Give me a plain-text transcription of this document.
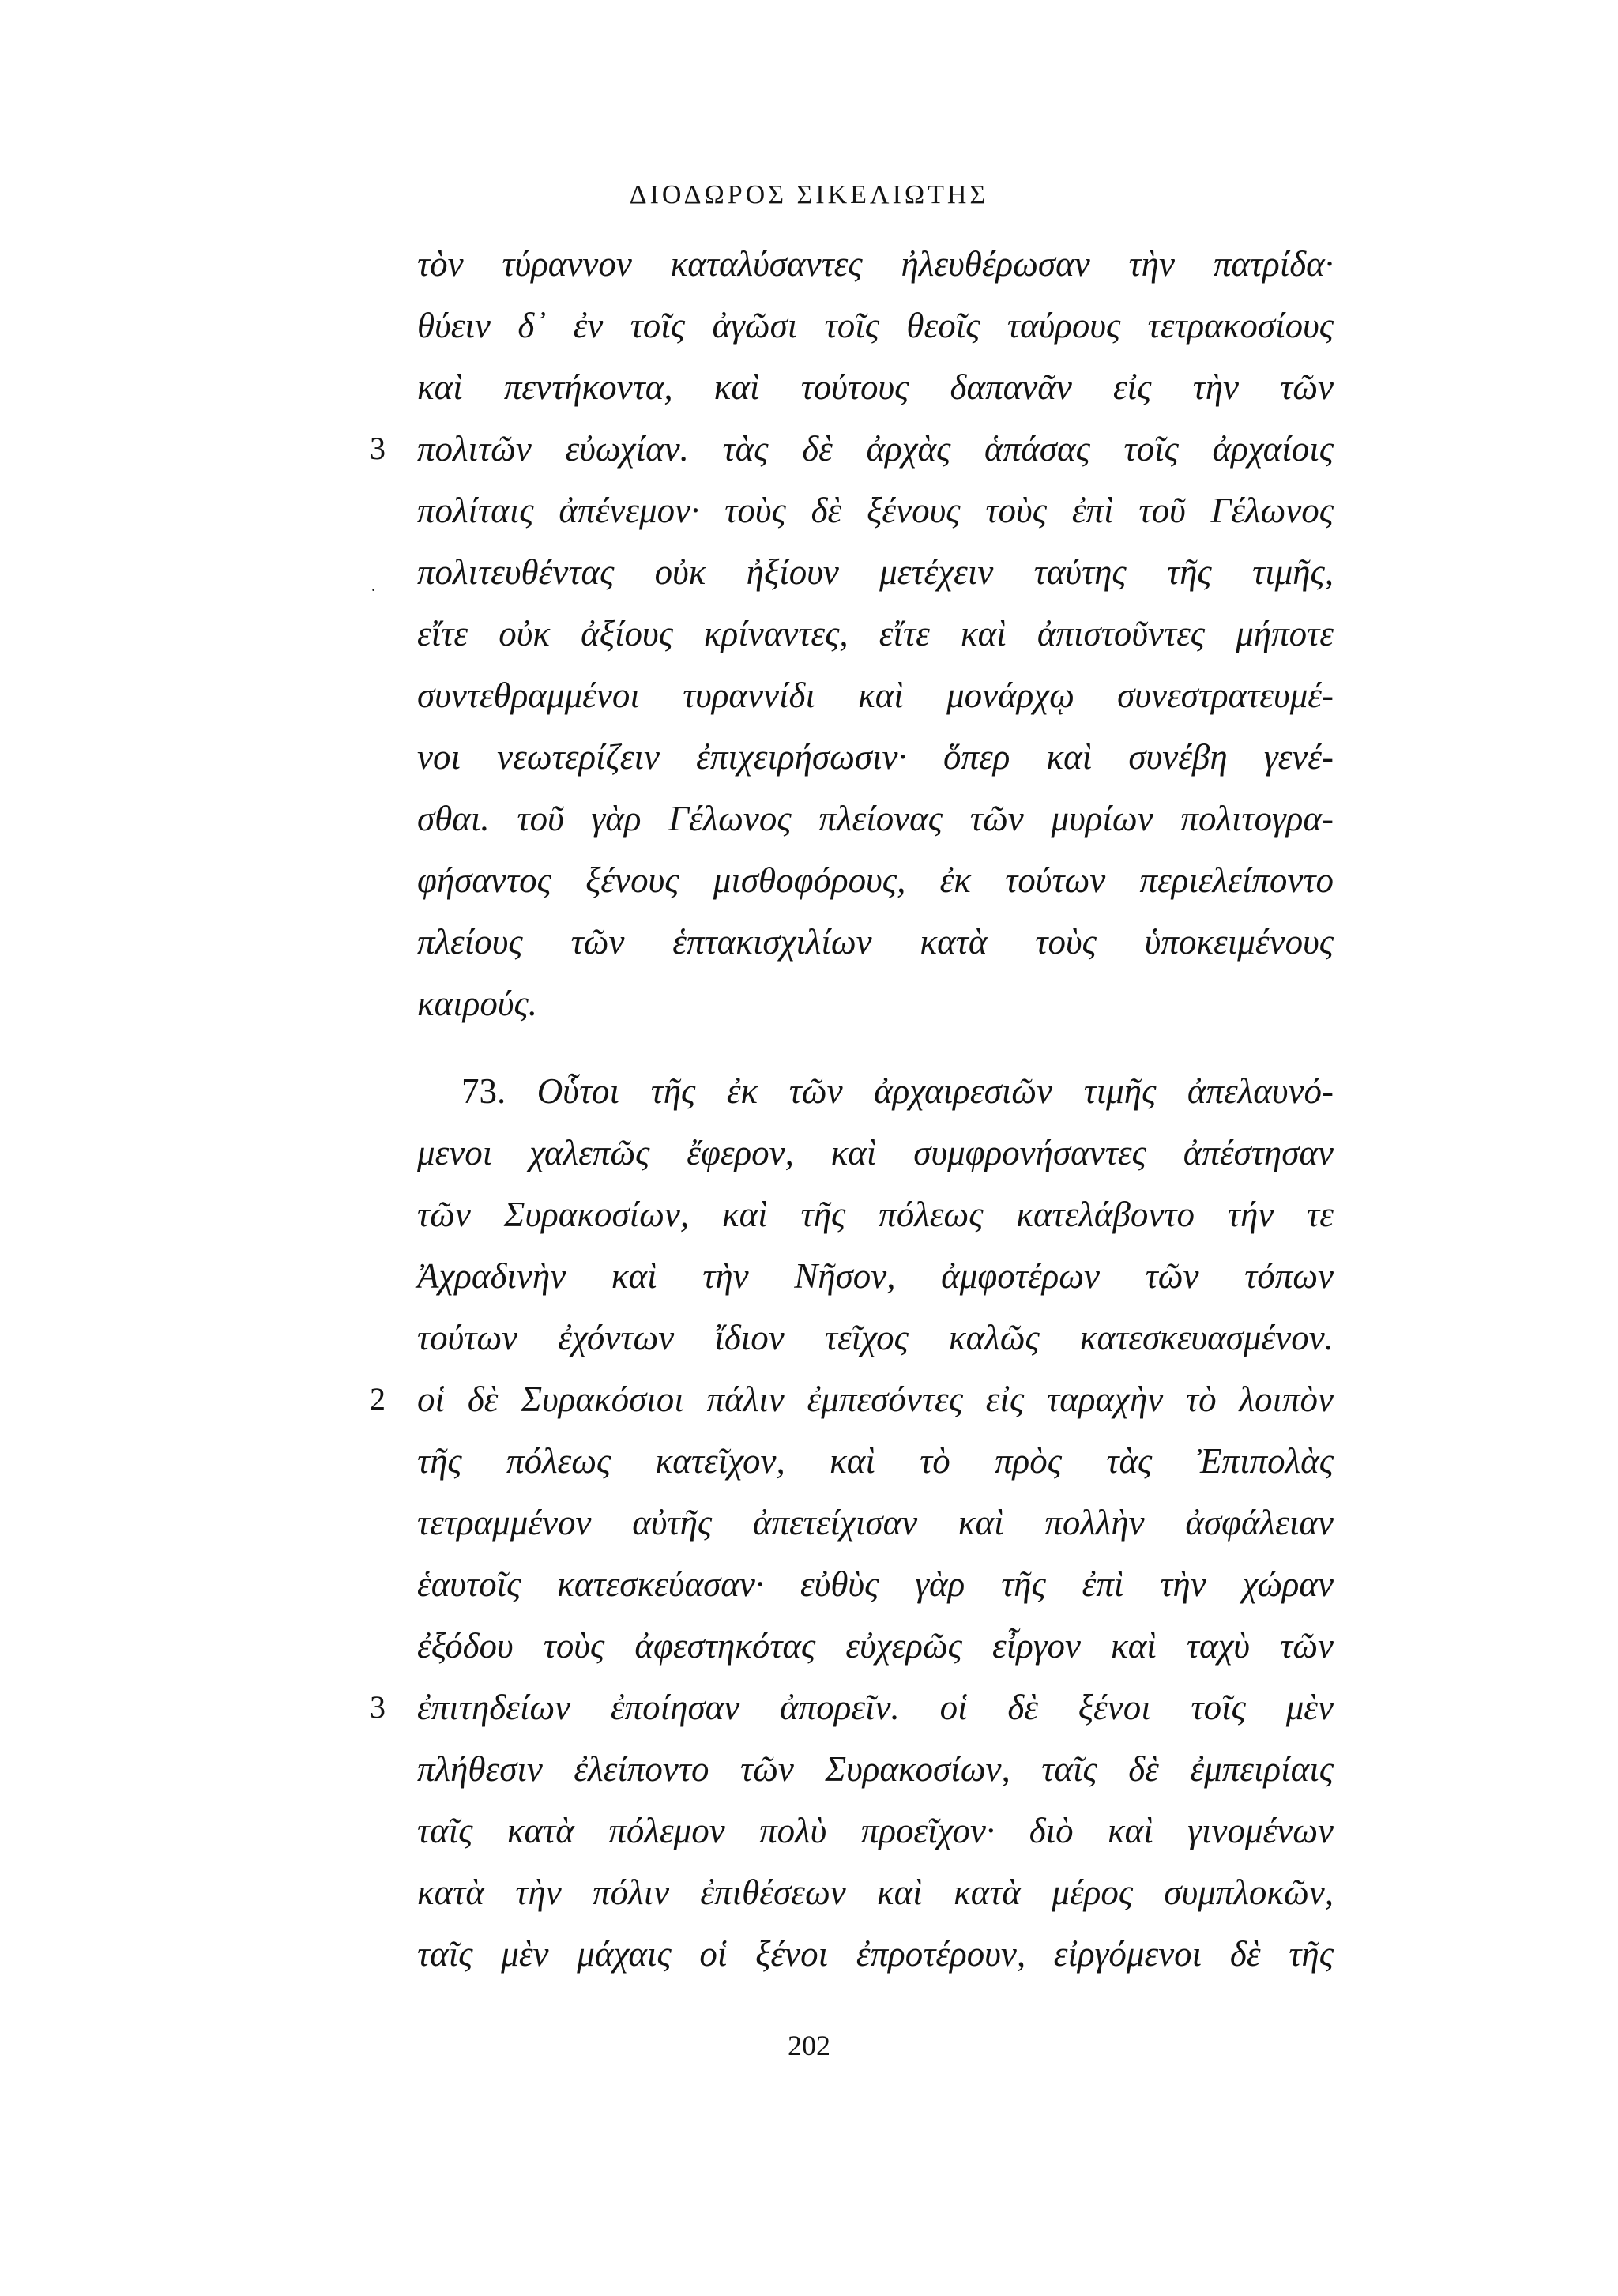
ΔΙΟΔΩΡΟΣ ΣΙΚΕΛΙΩΤΗΣ
τὸν τύραννον καταλύσαντες ἠλευθέρωσαν τὴν πατρίδα·
θύειν δ᾽ ἐν τοῖς ἀγῶσι τοῖς θεοῖς ταύρους τετρακοσίους
καὶ πεντήκοντα, καὶ τούτους δαπανᾶν εἰς τὴν τῶν
3 πολιτῶν εὐωχίαν. τὰς δὲ ἀρχὰς ἁπάσας τοῖς ἀρχαίοις
πολίταις ἀπένεμον· τοὺς δὲ ξένους τοὺς ἐπὶ τοῦ Γέλωνος
. πολιτευθέντας οὐκ ἠξίουν μετέχειν ταύτης τῆς τιμῆς,
εἴτε οὐκ ἀξίους κρίναντες, εἴτε καὶ ἀπιστοῦντες μήποτε
συντεθραμμένοι τυραννίδι καὶ μονάρχῳ συνεστρατευμέ-
νοι νεωτερίζειν ἐπιχειρήσωσιν· ὅπερ καὶ συνέβη γενέ-
σθαι. τοῦ γὰρ Γέλωνος πλείονας τῶν μυρίων πολιτογρα-
φήσαντος ξένους μισθοφόρους, ἐκ τούτων περιελείποντο
πλείους τῶν ἑπτακισχιλίων κατὰ τοὺς ὑποκειμένους
καιρούς.
73. Οὗτοι τῆς ἐκ τῶν ἀρχαιρεσιῶν τιμῆς ἀπελαυνό-
μενοι χαλεπῶς ἔφερον, καὶ συμφρονήσαντες ἀπέστησαν
τῶν Συρακοσίων, καὶ τῆς πόλεως κατελάβοντο τήν τε
Ἀχραδινὴν καὶ τὴν Νῆσον, ἀμφοτέρων τῶν τόπων
τούτων ἐχόντων ἴδιον τεῖχος καλῶς κατεσκευασμένον.
2 οἱ δὲ Συρακόσιοι πάλιν ἐμπεσόντες εἰς ταραχὴν τὸ λοιπὸν
τῆς πόλεως κατεῖχον, καὶ τὸ πρὸς τὰς Ἐπιπολὰς
τετραμμένον αὐτῆς ἀπετείχισαν καὶ πολλὴν ἀσφάλειαν
ἑαυτοῖς κατεσκεύασαν· εὐθὺς γὰρ τῆς ἐπὶ τὴν χώραν
ἐξόδου τοὺς ἀφεστηκότας εὐχερῶς εἶργον καὶ ταχὺ τῶν
3 ἐπιτηδείων ἐποίησαν ἀπορεῖν. οἱ δὲ ξένοι τοῖς μὲν
πλήθεσιν ἐλείποντο τῶν Συρακοσίων, ταῖς δὲ ἐμπειρίαις
ταῖς κατὰ πόλεμον πολὺ προεῖχον· διὸ καὶ γινομένων
κατὰ τὴν πόλιν ἐπιθέσεων καὶ κατὰ μέρος συμπλοκῶν,
ταῖς μὲν μάχαις οἱ ξένοι ἐπροτέρουν, εἰργόμενοι δὲ τῆς
202
